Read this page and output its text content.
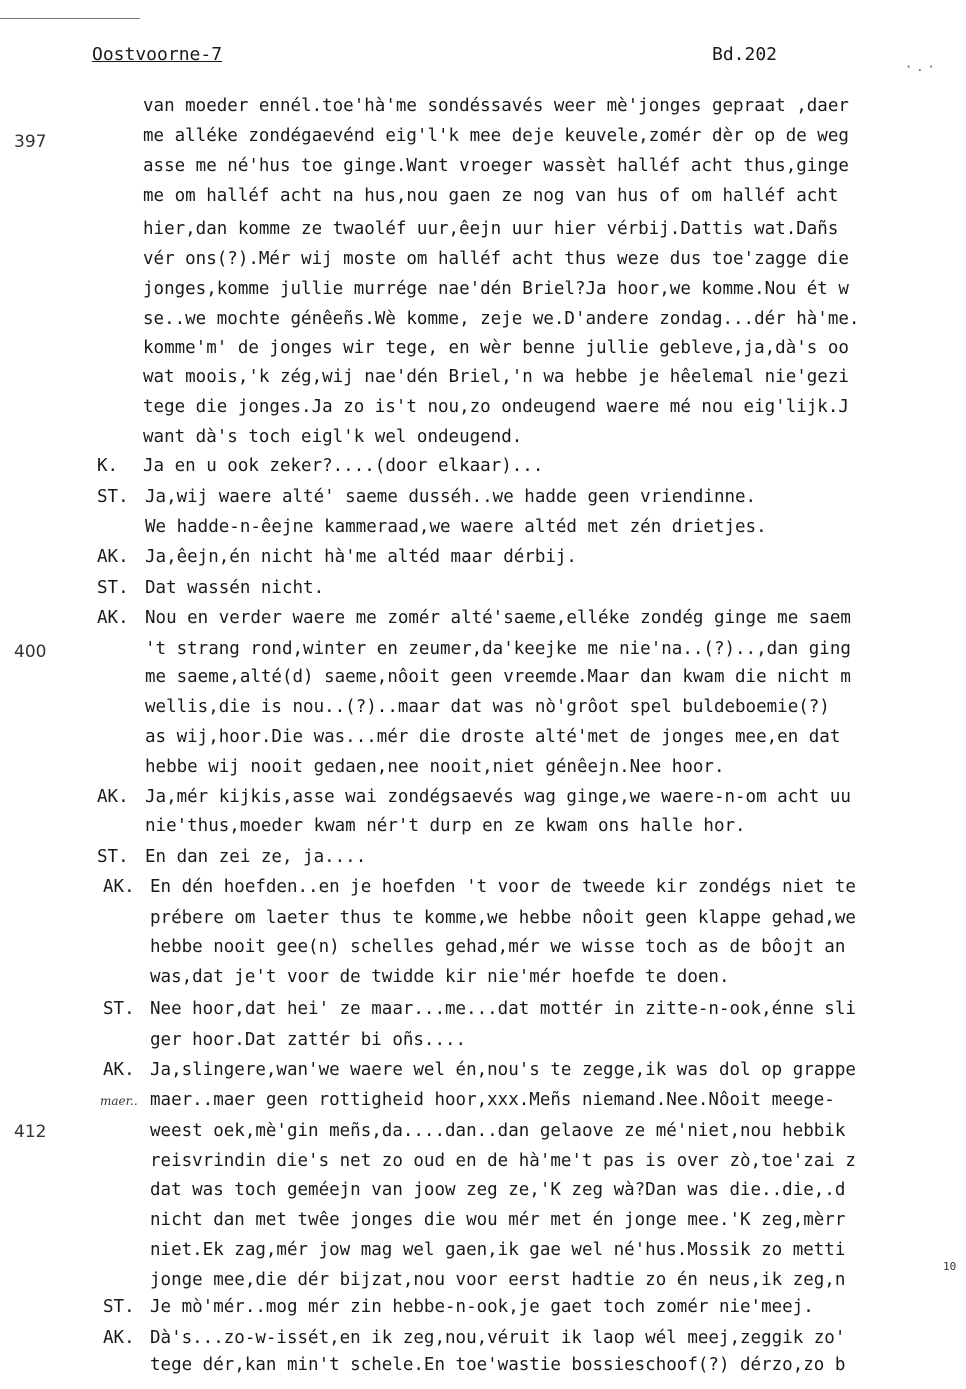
Oostvoorne-7	Bd.202
·.·
397
400
412
maer..
10
van moeder ennél.toe'hà'me sondéssavés weer mè'jonges gepraat ,daer
me alléke zondégaevénd eig'l'k mee deje keuvele,zomér dèr op de weg
asse me né'hus toe ginge.Want vroeger wassèt halléf acht thus,ginge
me om halléf acht na hus,nou gaen ze nog van hus of om halléf acht
hier,dan komme ze twaoléf uur,êejn uur hier vérbij.Dattis wat.Dañs
vér ons(?).Mér wij moste om halléf acht thus weze dus toe'zagge die
jonges,komme jullie murrége nae'dén Briel?Ja hoor,we komme.Nou ét w
se..we mochte génêeñs.Wè komme, zeje we.D'andere zondag...dér hà'me.
komme'm' de jonges wir tege, en wèr benne jullie gebleve,ja,dà's oo
wat moois,'k zég,wij nae'dén Briel,'n wa hebbe je hêelemal nie'gezi
tege die jonges.Ja zo is't nou,zo ondeugend waere mé nou eig'lijk.J
want dà's toch eigl'k wel ondeugend.
K. Ja en u ook zeker?....(door elkaar)...
ST. Ja,wij waere alté' saeme dusséh..we hadde geen vriendinne.
We hadde-n-êejne kammeraad,we waere altéd met zén drietjes.
AK. Ja,êejn,én nicht hà'me altéd maar dérbij.
ST. Dat wassén nicht.
AK. Nou en verder waere me zomér alté'saeme,elléke zondég ginge me saem
't strang rond,winter en zeumer,da'keejke me nie'na..(?)..,dan ging
me saeme,alté(d) saeme,nôoit geen vreemde.Maar dan kwam die nicht m
wellis,die is nou..(?)..maar dat was nò'grôot spel buldeboemie(?)
as wij,hoor.Die was...mér die droste alté'met de jonges mee,en dat
hebbe wij nooit gedaen,nee nooit,niet génêejn.Nee hoor.
AK. Ja,mér kijkis,asse wai zondégsaevés wag ginge,we waere-n-om acht uu
nie'thus,moeder kwam nér't durp en ze kwam ons halle hor.
ST. En dan zei ze, ja....
AK. En dén hoefden..en je hoefden 't voor de tweede kir zondégs niet te
prébere om laeter thus te komme,we hebbe nôoit geen klappe gehad,we
hebbe nooit gee(n) schelles gehad,mér we wisse toch as de bôojt an
was,dat je't voor de twidde kir nie'mér hoefde te doen.
ST. Nee hoor,dat hei' ze maar...me...dat mottér in zitte-n-ook,énne sli
ger hoor.Dat zattér bi oñs....
AK. Ja,slingere,wan'we waere wel én,nou's te zegge,ik was dol op grappe
maer..maer geen rottigheid hoor,xxx.Meñs niemand.Nee.Nôoit meege-
weest oek,mè'gin meñs,da....dan..dan gelaove ze mé'niet,nou hebbik
reisvrindin die's net zo oud en de hà'me't pas is over zò,toe'zai z
dat was toch geméejn van joow zeg ze,'K zeg wà?Dan was die..die,.d
nicht dan met twêe jonges die wou mér met én jonge mee.'K zeg,mèrr
niet.Ek zag,mér jow mag wel gaen,ik gae wel né'hus.Mossik zo metti
jonge mee,die dér bijzat,nou voor eerst hadtie zo én neus,ik zeg,n
ST. Je mò'mér..mog mér zin hebbe-n-ook,je gaet toch zomér nie'meej.
AK. Dà's...zo-w-issét,en ik zeg,nou,véruit ik laop wél meej,zeggik zo'
tege dér,kan min't schele.En toe'wastie bossieschoof(?) dérzo,zo b
